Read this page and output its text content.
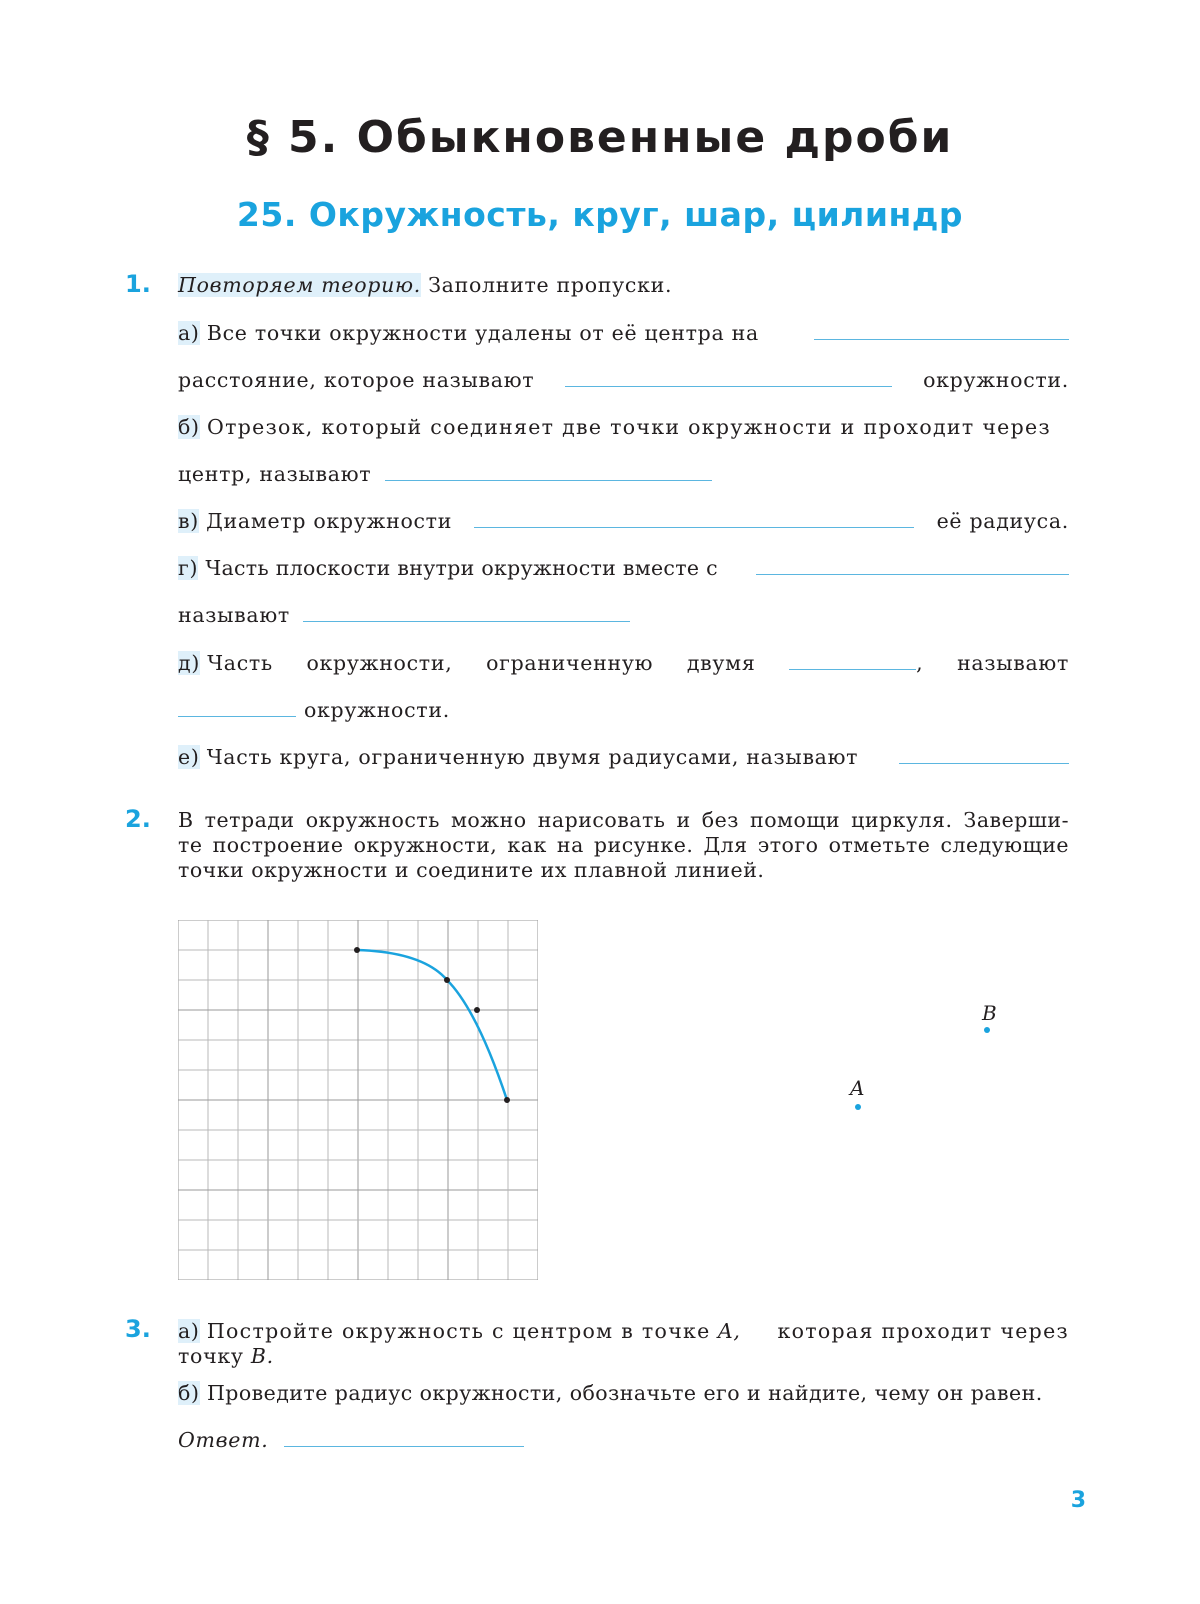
§ 5. Обыкновенные дроби
25. Окружность, круг, шар, цилиндр
1. Повторяем теорию. Заполните пропуски.
а) Все точки окружности удалены от её центра на
расстояние, которое называют	окружности.
б) Отрезок, который соединяет две точки окружности и проходит через
центр, называют
в) Диаметр окружности	её радиуса.
г) Часть плоскости внутри окружности вместе с
называют
д) Часть окружности, ограниченную двумя	, называют
окружности.
е) Часть круга, ограниченную двумя радиусами, называют
2. В тетради окружность можно нарисовать и без помощи циркуля. Заверши-
те построение окружности, как на рисунке. Для этого отметьте следующие
точки окружности и соедините их плавной линией.
A
B
3. а) Постройте окружность с центром в точке A, которая проходит через
точку B.
б) Проведите радиус окружности, обозначьте его и найдите, чему он равен.
Ответ.
3
